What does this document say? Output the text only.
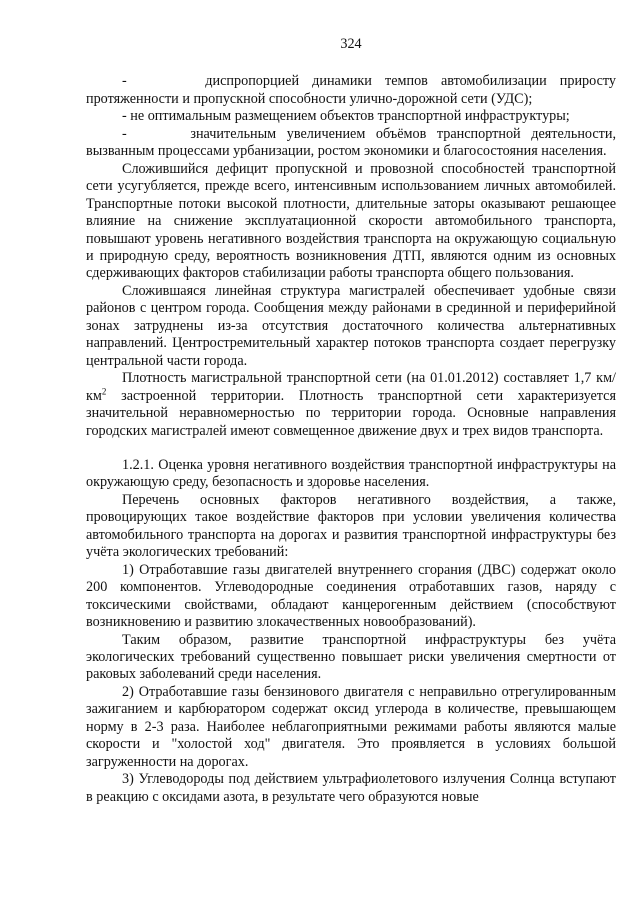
324

-      диспропорцией динамики темпов автомобилизации приросту протяженности и пропускной способности улично-дорожной сети (УДС);

- не оптимальным размещением объектов транспортной инфраструктуры;

-      значительным увеличением объёмов транспортной деятельности, вызванным процессами урбанизации, ростом экономики и благосостояния населения.

Сложившийся дефицит пропускной и провозной способностей транспортной сети усугубляется, прежде всего, интенсивным использованием личных автомобилей. Транспортные потоки высокой плотности, длительные заторы оказывают решающее влияние на снижение эксплуатационной скорости автомобильного транспорта, повышают уровень негативного воздействия транспорта на окружающую социальную и природную среду, вероятность возникновения ДТП, являются одним из основных сдерживающих факторов стабилизации работы транспорта общего пользования.

Сложившаяся линейная структура магистралей обеспечивает удобные связи районов с центром города. Сообщения между районами в срединной и периферийной зонах затруднены из-за отсутствия достаточного количества альтернативных направлений. Центростремительный характер потоков транспорта создает перегрузку центральной части города.

Плотность магистральной транспортной сети (на 01.01.2012) составляет 1,7 $км/км^2$ застроенной территории. Плотность транспортной сети характеризуется значительной неравномерностью по территории города. Основные направления городских магистралей имеют совмещенное движение двух и трех видов транспорта.

1.2.1. Оценка уровня негативного воздействия транспортной инфраструктуры на окружающую среду, безопасность и здоровье населения.

Перечень основных факторов негативного воздействия, а также, провоцирующих такое воздействие факторов при условии увеличения количества автомобильного транспорта на дорогах и развития транспортной инфраструктуры без учёта экологических требований:

1) Отработавшие газы двигателей внутреннего сгорания (ДВС) содержат около 200 компонентов. Углеводородные соединения отработавших газов, наряду с токсическими свойствами, обладают канцерогенным действием (способствуют возникновению и развитию злокачественных новообразований).

Таким образом, развитие транспортной инфраструктуры без учёта экологических требований существенно повышает риски увеличения смертности от раковых заболеваний среди населения.

2) Отработавшие газы бензинового двигателя с неправильно отрегулированным зажиганием и карбюратором содержат оксид углерода в количестве, превышающем норму в 2-3 раза. Наиболее неблагоприятными режимами работы являются малые скорости и "холостой ход" двигателя. Это проявляется в условиях большой загруженности на дорогах.

3) Углеводороды под действием ультрафиолетового излучения Солнца вступают в реакцию с оксидами азота, в результате чего образуются новые
